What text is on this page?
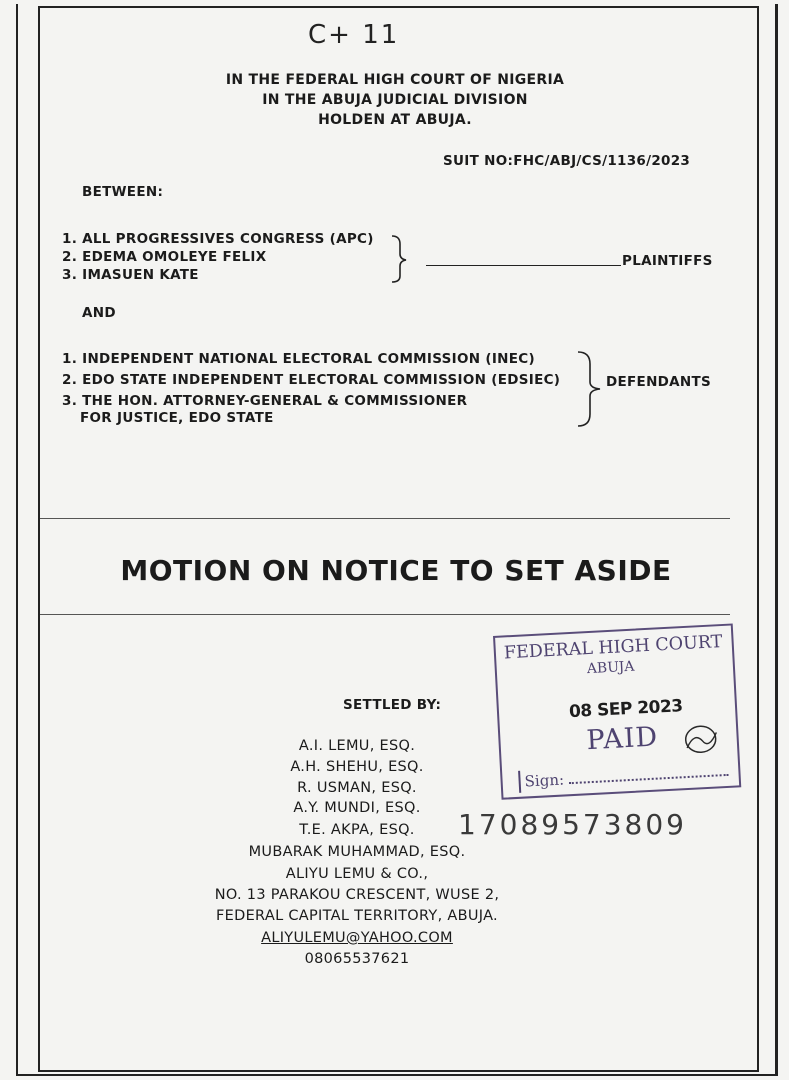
C+ 11
IN THE FEDERAL HIGH COURT OF NIGERIA
IN THE ABUJA JUDICIAL DIVISION
HOLDEN AT ABUJA.
SUIT NO:FHC/ABJ/CS/1136/2023
BETWEEN:
1. ALL PROGRESSIVES CONGRESS (APC)
2. EDEMA OMOLEYE FELIX
3. IMASUEN KATE
PLAINTIFFS
AND
1. INDEPENDENT NATIONAL ELECTORAL COMMISSION (INEC)
2. EDO STATE INDEPENDENT ELECTORAL COMMISSION (EDSIEC)
3. THE HON. ATTORNEY-GENERAL & COMMISSIONER
FOR JUSTICE, EDO STATE
DEFENDANTS
MOTION ON NOTICE TO SET ASIDE
SETTLED BY:
FEDERAL HIGH COURT
ABUJA
08 SEP 2023
PAID
Sign:
A.I. LEMU, ESQ.
A.H. SHEHU, ESQ.
R. USMAN, ESQ.
A.Y. MUNDI, ESQ.
T.E. AKPA, ESQ.
MUBARAK MUHAMMAD, ESQ.
ALIYU LEMU & CO.,
NO. 13 PARAKOU CRESCENT, WUSE 2,
FEDERAL CAPITAL TERRITORY, ABUJA.
ALIYULEMU@YAHOO.COM
08065537621
17089573809
